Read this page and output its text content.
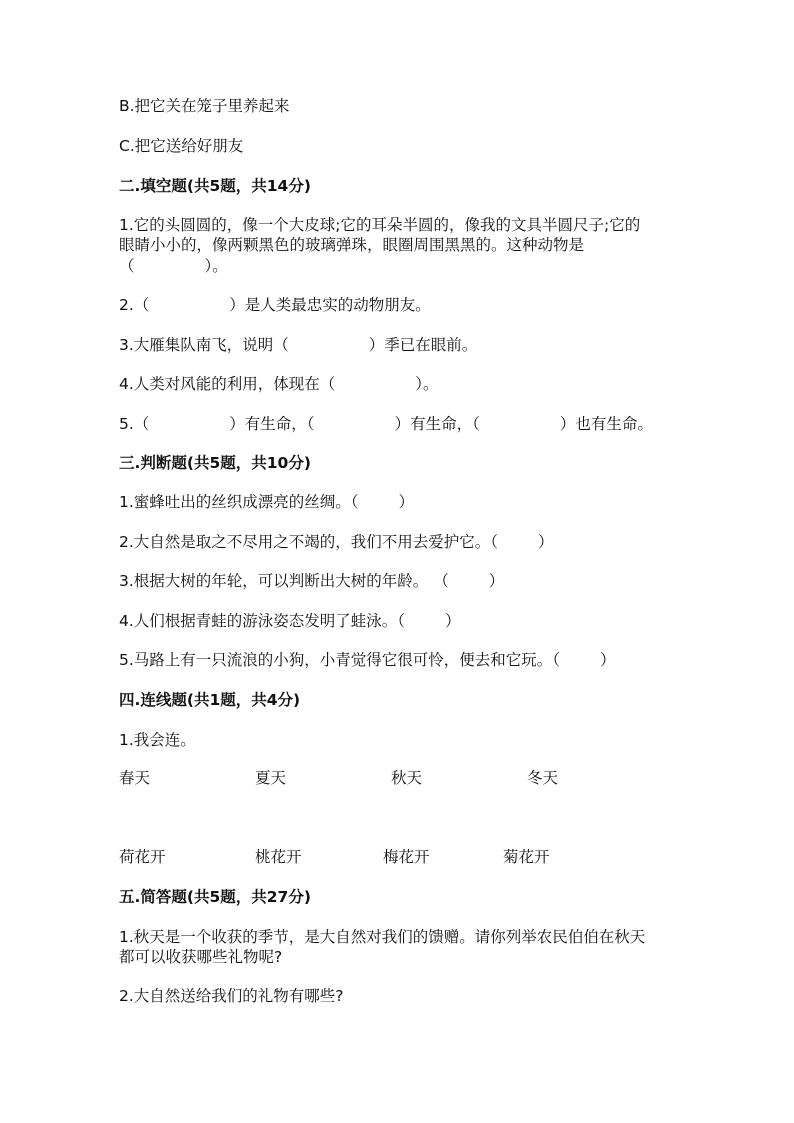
B.把它关在笼子里养起来
C.把它送给好朋友
二.填空题(共5题，共14分)
1.它的头圆圆的，像一个大皮球;它的耳朵半圆的，像我的文具半圆尺子;它的
眼睛小小的，像两颗黑色的玻璃弹珠，眼圈周围黑黑的。这种动物是
（	）。
2.（	）是人类最忠实的动物朋友。
3.大雁集队南飞，说明（	）季已在眼前。
4.人类对风能的利用，体现在（	）。
5.（	）有生命，（	）有生命，（	）也有生命。
三.判断题(共5题，共10分)
1.蜜蜂吐出的丝织成漂亮的丝绸。（	）
2.大自然是取之不尽用之不竭的，我们不用去爱护它。（	）
3.根据大树的年轮，可以判断出大树的年龄。 （	）
4.人们根据青蛙的游泳姿态发明了蛙泳。（	）
5.马路上有一只流浪的小狗，小青觉得它很可怜，便去和它玩。（	）
四.连线题(共1题，共4分)
1.我会连。
春天	夏天	秋天	冬天
荷花开	桃花开	梅花开	菊花开
五.简答题(共5题，共27分)
1.秋天是一个收获的季节，是大自然对我们的馈赠。请你列举农民伯伯在秋天
都可以收获哪些礼物呢?
2.大自然送给我们的礼物有哪些?
